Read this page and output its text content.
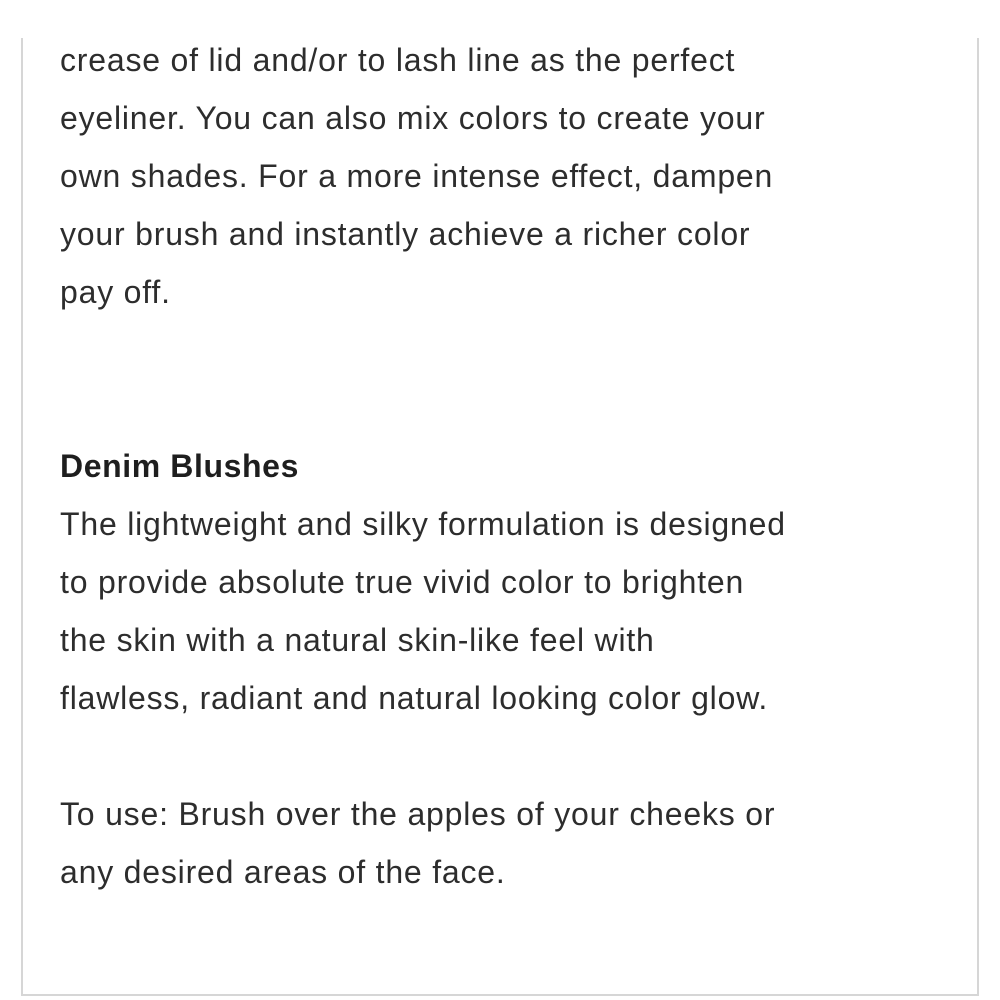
crease of lid and/or to lash line as the perfect
eyeliner. You can also mix colors to create your
own shades. For a more intense effect, dampen
your brush and instantly achieve a richer color
pay off.
Denim Blushes
The lightweight and silky formulation is designed
to provide absolute true vivid color to brighten
the skin with a natural skin-like feel with
flawless, radiant and natural looking color glow.
To use: Brush over the apples of your cheeks or
any desired areas of the face.
